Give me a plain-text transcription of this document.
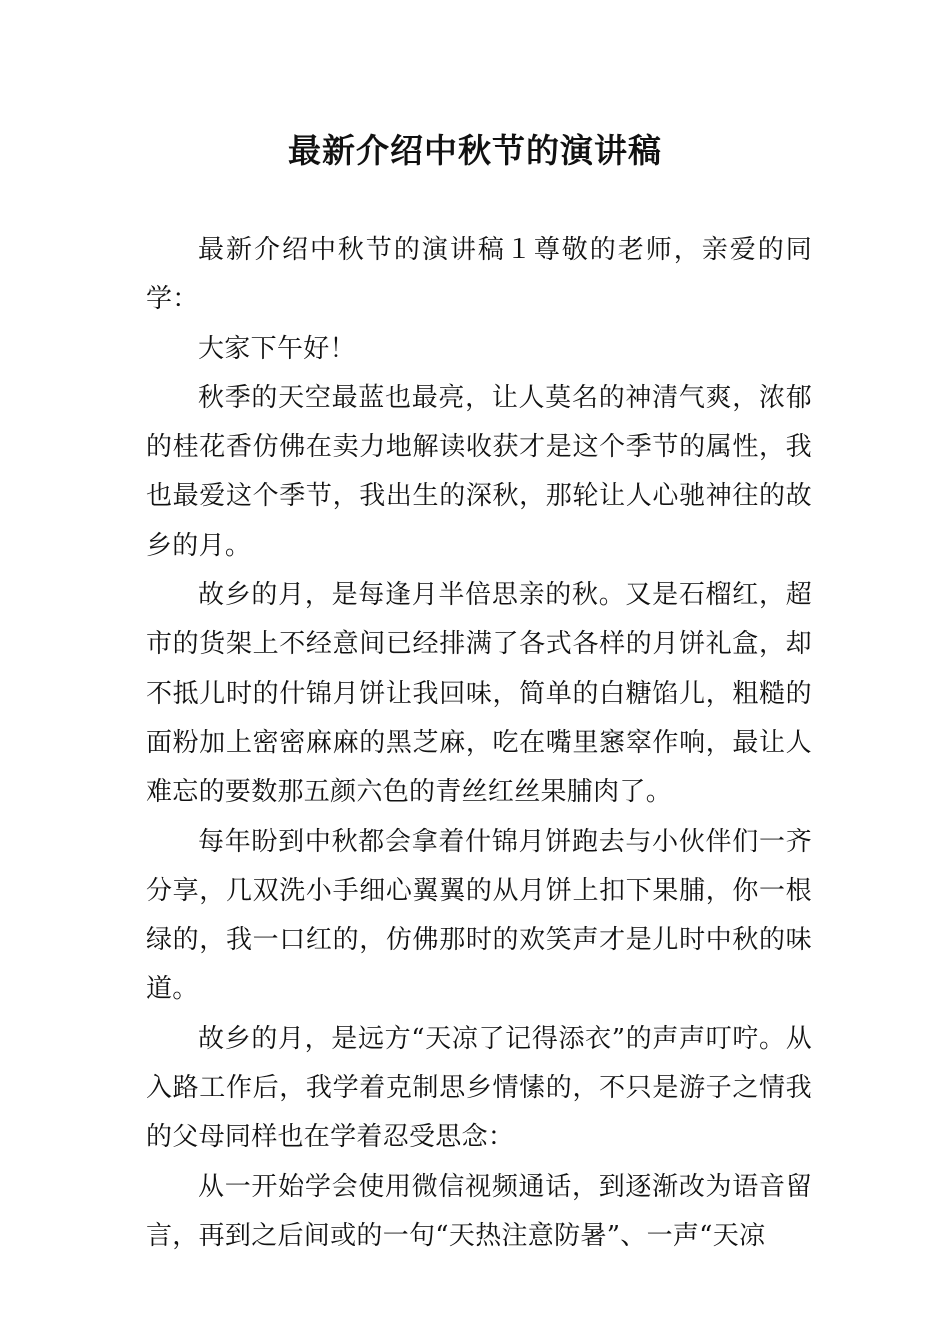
最新介绍中秋节的演讲稿

最新介绍中秋节的演讲稿１尊敬的老师，亲爱的同学：

大家下午好！

秋季的天空最蓝也最亮，让人莫名的神清气爽，浓郁的桂花香仿佛在卖力地解读收获才是这个季节的属性，我也最爱这个季节，我出生的深秋，那轮让人心驰神往的故乡的月。

故乡的月，是每逢月半倍思亲的秋。又是石榴红，超市的货架上不经意间已经排满了各式各样的月饼礼盒，却不抵儿时的什锦月饼让我回味，简单的白糖馅儿，粗糙的面粉加上密密麻麻的黑芝麻，吃在嘴里窸窣作响，最让人难忘的要数那五颜六色的青丝红丝果脯肉了。

每年盼到中秋都会拿着什锦月饼跑去与小伙伴们一齐分享，几双洗小手细心翼翼的从月饼上扣下果脯，你一根绿的，我一口红的，仿佛那时的欢笑声才是儿时中秋的味道。

故乡的月，是远方“天凉了记得添衣”的声声叮咛。从入路工作后，我学着克制思乡情愫的，不只是游子之情我的父母同样也在学着忍受思念：

从一开始学会使用微信视频通话，到逐渐改为语音留言，再到之后间或的一句“天热注意防暑”、一声“天凉
